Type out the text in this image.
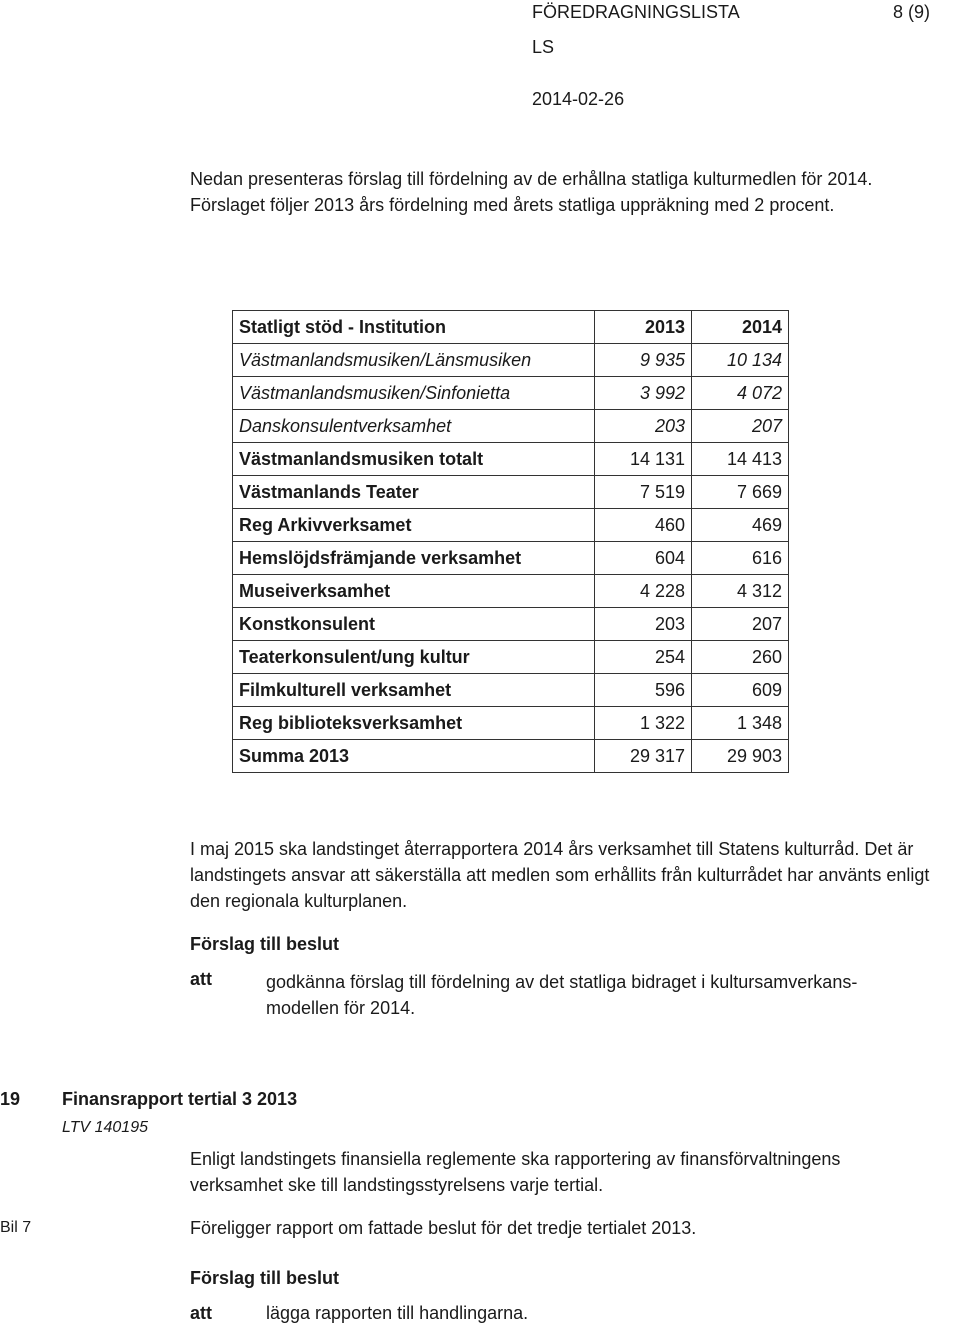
FÖREDRAGNINGSLISTA	8 (9)
LS
2014-02-26

Nedan presenteras förslag till fördelning av de erhållna statliga kulturmedlen för 2014. Förslaget följer 2013 års fördelning med årets statliga uppräkning med 2 procent.

Statligt stöd - Institution	2013	2014
Västmanlandsmusiken/Länsmusiken	9 935	10 134
Västmanlandsmusiken/Sinfonietta	3 992	4 072
Danskonsulentverksamhet	203	207
Västmanlandsmusiken totalt	14 131	14 413
Västmanlands Teater	7 519	7 669
Reg Arkivverksamet	460	469
Hemslöjdsfrämjande verksamhet	604	616
Museiverksamhet	4 228	4 312
Konstkonsulent	203	207
Teaterkonsulent/ung kultur	254	260
Filmkulturell verksamhet	596	609
Reg biblioteksverksamhet	1 322	1 348
Summa 2013	29 317	29 903

I maj 2015 ska landstinget återrapportera 2014 års verksamhet till Statens kulturråd. Det är landstingets ansvar att säkerställa att medlen som erhållits från kulturrådet har använts enligt den regionala kulturplanen.

Förslag till beslut
att	godkänna förslag till fördelning av det statliga bidraget i kultursamverkans-
modellen för 2014.
19 Finansrapport tertial 3 2013
LTV 140195

Enligt landstingets finansiella reglemente ska rapportering av finansförvaltningens verksamhet ske till landstingsstyrelsens varje tertial.

Bil 7	Föreligger rapport om fattade beslut för det tredje tertialet 2013.
Förslag till beslut
att	lägga rapporten till handlingarna.
